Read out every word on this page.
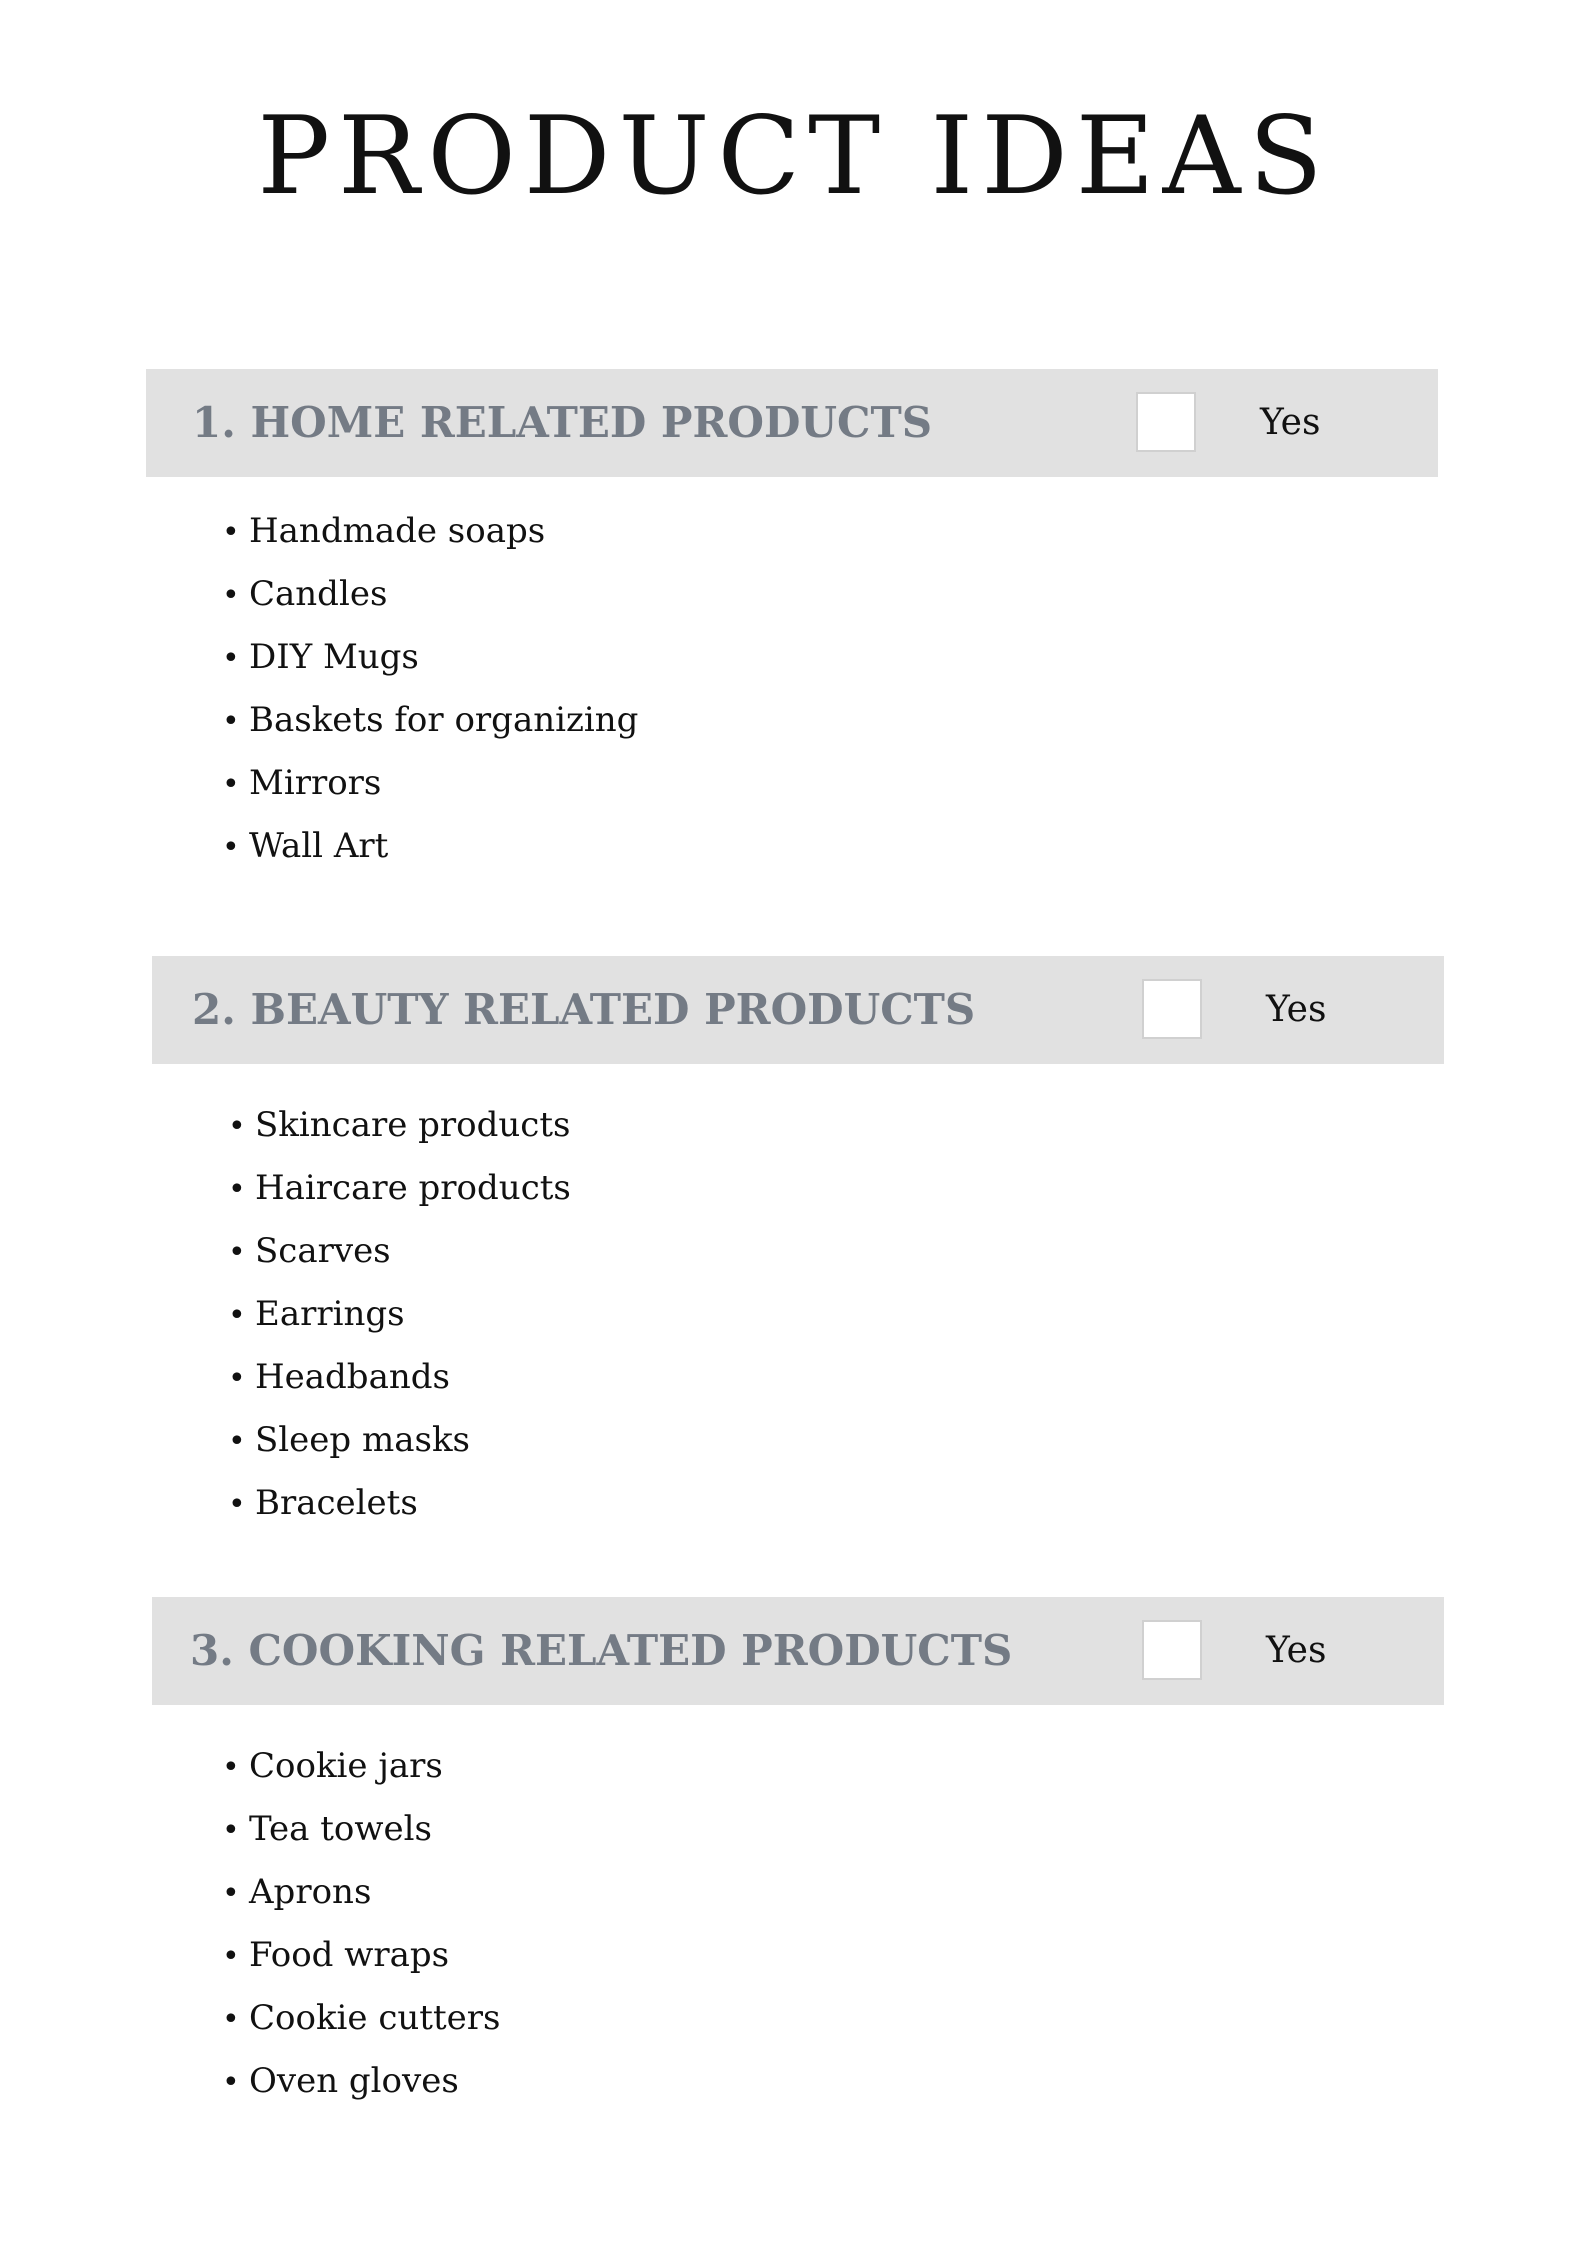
PRODUCT IDEAS
1. HOME RELATED PRODUCTS	Yes
• Handmade soaps
• Candles
• DIY Mugs
• Baskets for organizing
• Mirrors
• Wall Art
2. BEAUTY RELATED PRODUCTS	Yes
• Skincare products
• Haircare products
• Scarves
• Earrings
• Headbands
• Sleep masks
• Bracelets
3. COOKING RELATED PRODUCTS	Yes
• Cookie jars
• Tea towels
• Aprons
• Food wraps
• Cookie cutters
• Oven gloves
